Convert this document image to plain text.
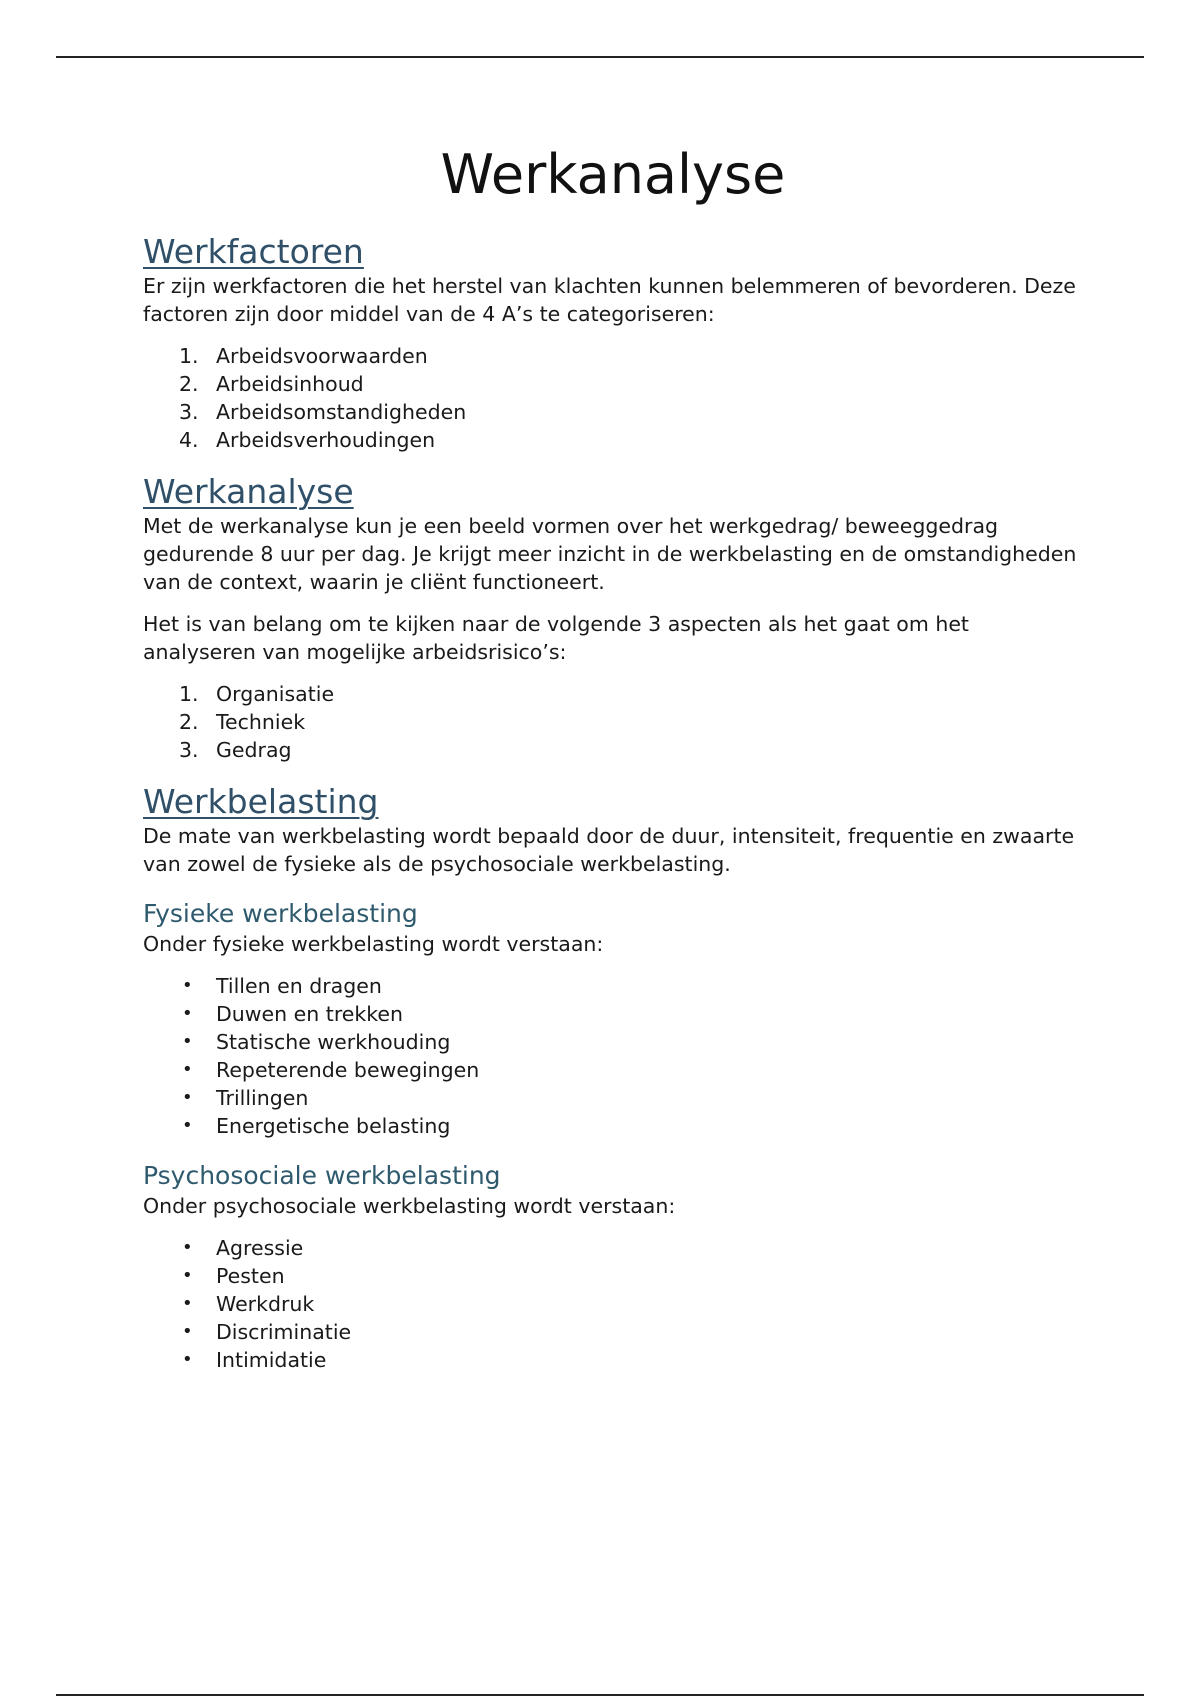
Werkanalyse
Werkfactoren

Er zijn werkfactoren die het herstel van klachten kunnen belemmeren of bevorderen. Deze factoren zijn door middel van de 4 A’s te categoriseren:

1. Arbeidsvoorwaarden
2. Arbeidsinhoud
3. Arbeidsomstandigheden
4. Arbeidsverhoudingen
Werkanalyse

Met de werkanalyse kun je een beeld vormen over het werkgedrag/ beweeggedrag gedurende 8 uur per dag. Je krijgt meer inzicht in de werkbelasting en de omstandigheden van de context, waarin je cliënt functioneert.

Het is van belang om te kijken naar de volgende 3 aspecten als het gaat om het analyseren van mogelijke arbeidsrisico’s:

1. Organisatie
2. Techniek
3. Gedrag
Werkbelasting

De mate van werkbelasting wordt bepaald door de duur, intensiteit, frequentie en zwaarte van zowel de fysieke als de psychosociale werkbelasting.

Fysieke werkbelasting

Onder fysieke werkbelasting wordt verstaan:

• Tillen en dragen
• Duwen en trekken
• Statische werkhouding
• Repeterende bewegingen
• Trillingen
• Energetische belasting
Psychosociale werkbelasting

Onder psychosociale werkbelasting wordt verstaan:

• Agressie
• Pesten
• Werkdruk
• Discriminatie
• Intimidatie
